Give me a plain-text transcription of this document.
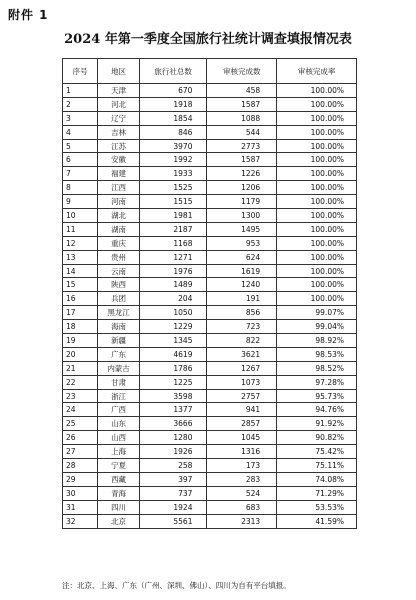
附件 1
2024 年第一季度全国旅行社统计调查填报情况表
序号	地区	旅行社总数	审核完成数	审核完成率
1	天津	670	458	100.00%
2	河北	1918	1587	100.00%
3	辽宁	1854	1088	100.00%
4	吉林	846	544	100.00%
5	江苏	3970	2773	100.00%
6	安徽	1992	1587	100.00%
7	福建	1933	1226	100.00%
8	江西	1525	1206	100.00%
9	河南	1515	1179	100.00%
10	湖北	1981	1300	100.00%
11	湖南	2187	1495	100.00%
12	重庆	1168	953	100.00%
13	贵州	1271	624	100.00%
14	云南	1976	1619	100.00%
15	陕西	1489	1240	100.00%
16	兵团	204	191	100.00%
17	黑龙江	1050	856	99.07%
18	海南	1229	723	99.04%
19	新疆	1345	822	98.92%
20	广东	4619	3621	98.53%
21	内蒙古	1786	1267	98.52%
22	甘肃	1225	1073	97.28%
23	浙江	3598	2757	95.73%
24	广西	1377	941	94.76%
25	山东	3666	2857	91.92%
26	山西	1280	1045	90.82%
27	上海	1926	1316	75.42%
28	宁夏	258	173	75.11%
29	西藏	397	283	74.08%
30	青海	737	524	71.29%
31	四川	1924	683	53.53%
32	北京	5561	2313	41.59%
注：北京、上海、广东（广州、深圳、佛山）、四川为自有平台填报。
